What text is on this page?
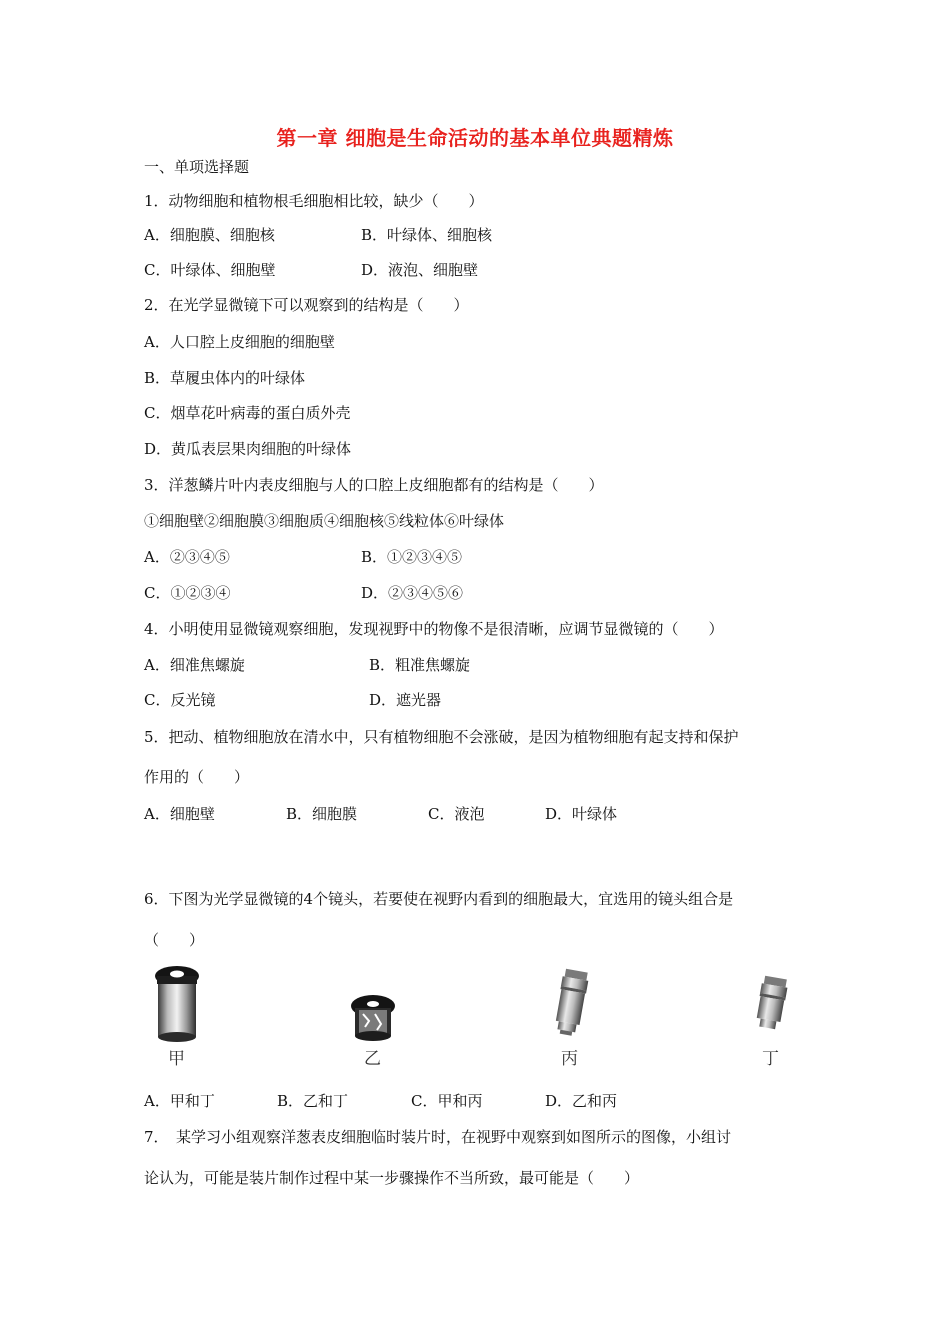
第一章 细胞是生命活动的基本单位典题精炼
一、单项选择题
1．动物细胞和植物根毛细胞相比较，缺少（　　）
A．细胞膜、细胞核	B．叶绿体、细胞核
C．叶绿体、细胞壁	D．液泡、细胞壁
2．在光学显微镜下可以观察到的结构是（　　）
A．人口腔上皮细胞的细胞壁
B．草履虫体内的叶绿体
C．烟草花叶病毒的蛋白质外壳
D．黄瓜表层果肉细胞的叶绿体
3．洋葱鳞片叶内表皮细胞与人的口腔上皮细胞都有的结构是（　　）
①细胞壁②细胞膜③细胞质④细胞核⑤线粒体⑥叶绿体
A．②③④⑤	B．①②③④⑤
C．①②③④	D．②③④⑤⑥
4．小明使用显微镜观察细胞，发现视野中的物像不是很清晰，应调节显微镜的（　　）
A．细准焦螺旋	B．粗准焦螺旋
C．反光镜	D．遮光器
5．把动、植物细胞放在清水中，只有植物细胞不会涨破，是因为植物细胞有起支持和保护
作用的（　　）
A．细胞壁	B．细胞膜	C．液泡	D．叶绿体
6．下图为光学显微镜的4个镜头，若要使在视野内看到的细胞最大，宜选用的镜头组合是
（　　）
甲	乙	丙	丁
A．甲和丁	B．乙和丁	C．甲和丙	D．乙和丙
7．　某学习小组观察洋葱表皮细胞临时装片时，在视野中观察到如图所示的图像，小组讨
论认为，可能是装片制作过程中某一步骤操作不当所致，最可能是（　　）
